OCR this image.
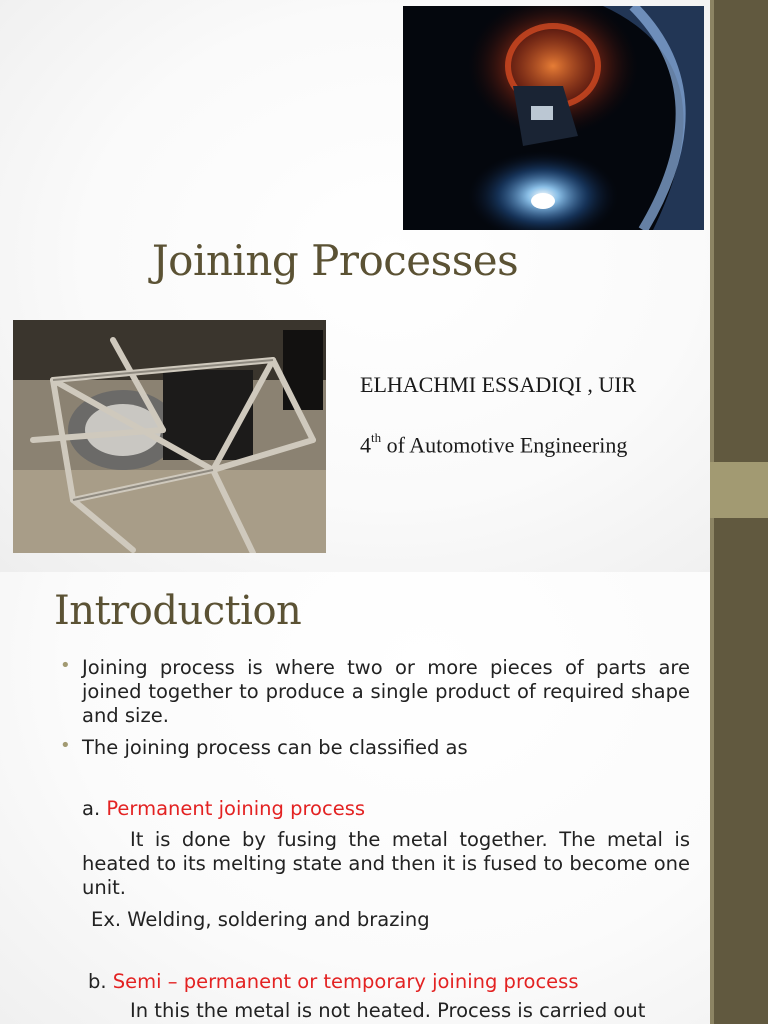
Joining Processes
ELHACHMI ESSADIQI , UIR
4th of Automotive Engineering
Introduction
• Joining process is where two or more pieces of parts are joined together to produce a single product of required shape and size.
• The joining process can be classified as
a. Permanent joining process
It is done by fusing the metal together. The metal is heated to its melting state and then it is fused to become one unit.
Ex. Welding, soldering and brazing
b. Semi – permanent or temporary joining process
In this the metal is not heated. Process is carried out
